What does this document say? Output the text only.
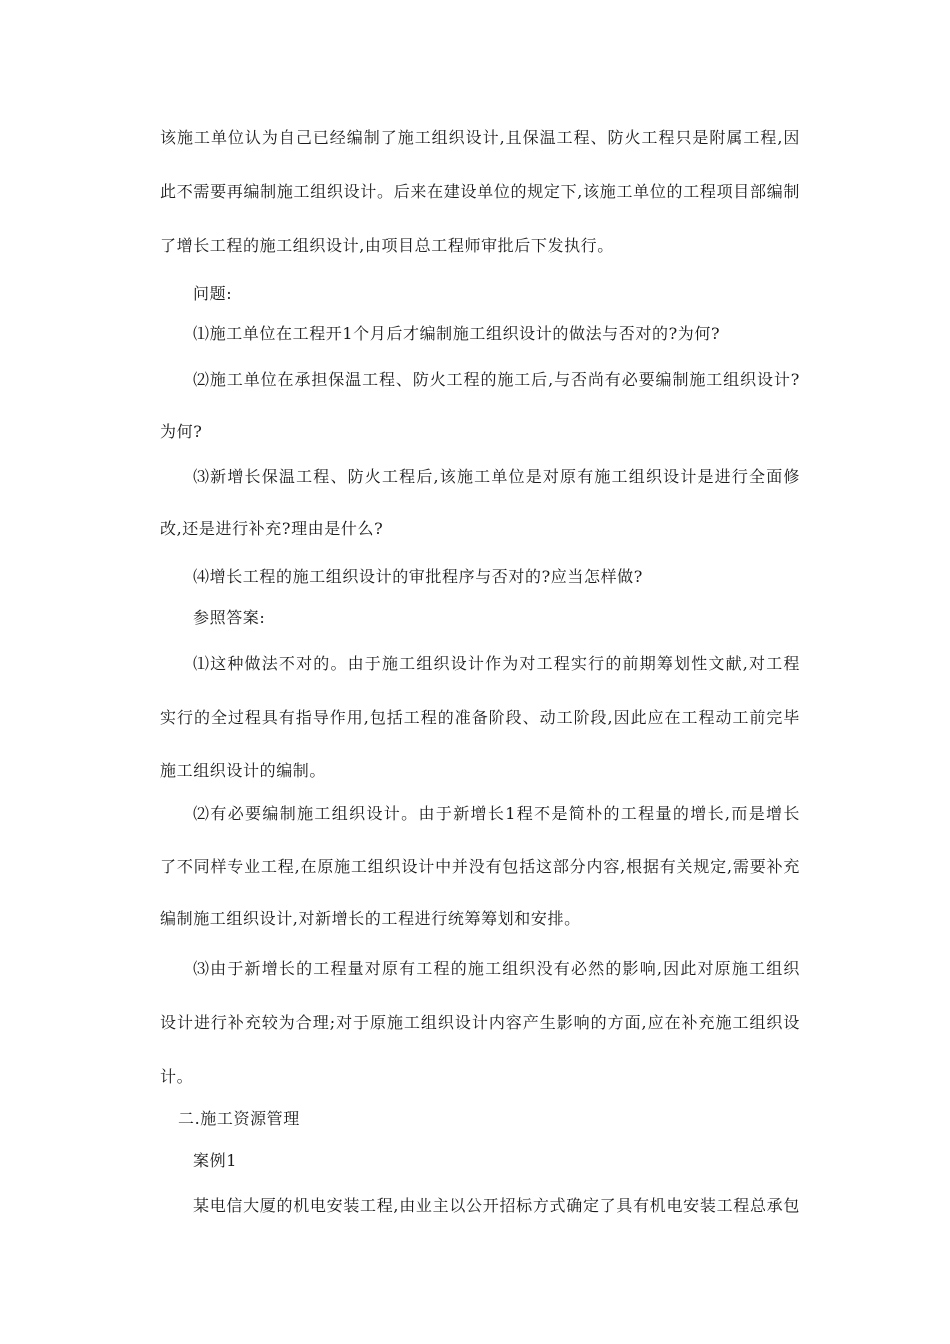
该施工单位认为自己已经编制了施工组织设计,且保温工程、防火工程只是附属工程,因
此不需要再编制施工组织设计。后来在建设单位的规定下,该施工单位的工程项目部编制
了增长工程的施工组织设计,由项目总工程师审批后下发执行。
问题:
⑴施工单位在工程开1个月后才编制施工组织设计的做法与否对的?为何?
⑵施工单位在承担保温工程、防火工程的施工后,与否尚有必要编制施工组织设计?
为何?
⑶新增长保温工程、防火工程后,该施工单位是对原有施工组织设计是进行全面修
改,还是进行补充?理由是什么?
⑷增长工程的施工组织设计的审批程序与否对的?应当怎样做?
参照答案:
⑴这种做法不对的。由于施工组织设计作为对工程实行的前期筹划性文献,对工程
实行的全过程具有指导作用,包括工程的准备阶段、动工阶段,因此应在工程动工前完毕
施工组织设计的编制。
⑵有必要编制施工组织设计。由于新增长1程不是简朴的工程量的增长,而是增长
了不同样专业工程,在原施工组织设计中并没有包括这部分内容,根据有关规定,需要补充
编制施工组织设计,对新增长的工程进行统筹筹划和安排。
⑶由于新增长的工程量对原有工程的施工组织没有必然的影响,因此对原施工组织
设计进行补充较为合理;对于原施工组织设计内容产生影响的方面,应在补充施工组织设
计。
二.施工资源管理
案例1
某电信大厦的机电安装工程,由业主以公开招标方式确定了具有机电安装工程总承包
